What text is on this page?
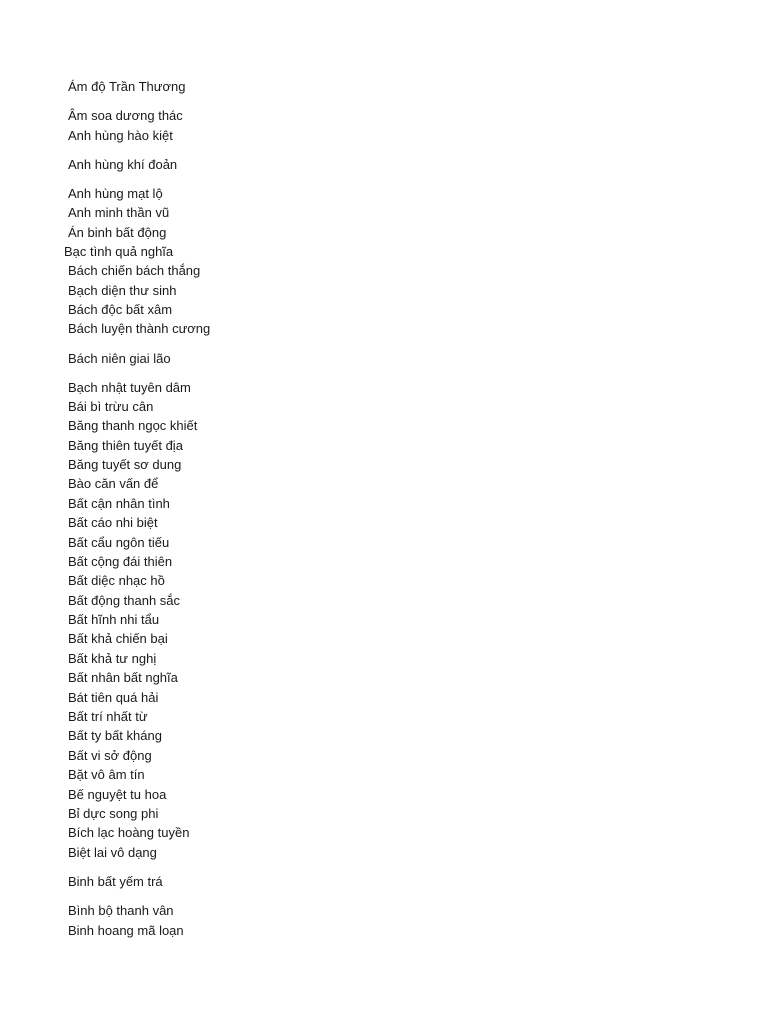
Ám độ Trần Thương
Âm soa dương thác
Anh hùng hào kiệt
Anh hùng khí đoản
Anh hùng mạt lộ
Anh minh thần vũ
Án binh bất động
Bạc tình quả nghĩa
Bách chiến bách thắng
Bạch diện thư sinh
Bách độc bất xâm
Bách luyện thành cương
Bách niên giai lão
Bạch nhật tuyên dâm
Bái bì trừu cân
Băng thanh ngọc khiết
Băng thiên tuyết địa
Băng tuyết sơ dung
Bào căn vấn để
Bất cận nhân tình
Bất cáo nhi biệt
Bất cẩu ngôn tiếu
Bất cộng đái thiên
Bất diệc nhạc hồ
Bất động thanh sắc
Bất hĩnh nhi tẩu
Bất khả chiến bại
Bất khả tư nghị
Bất nhân bất nghĩa
Bát tiên quá hải
Bất trí nhất từ
Bất ty bất kháng
Bất vi sở động
Bặt vô âm tín
Bế nguyệt tu hoa
Bỉ dực song phi
Bích lạc hoàng tuyền
Biệt lai vô dạng
Binh bất yếm trá
Bình bộ thanh vân
Binh hoang mã loạn
